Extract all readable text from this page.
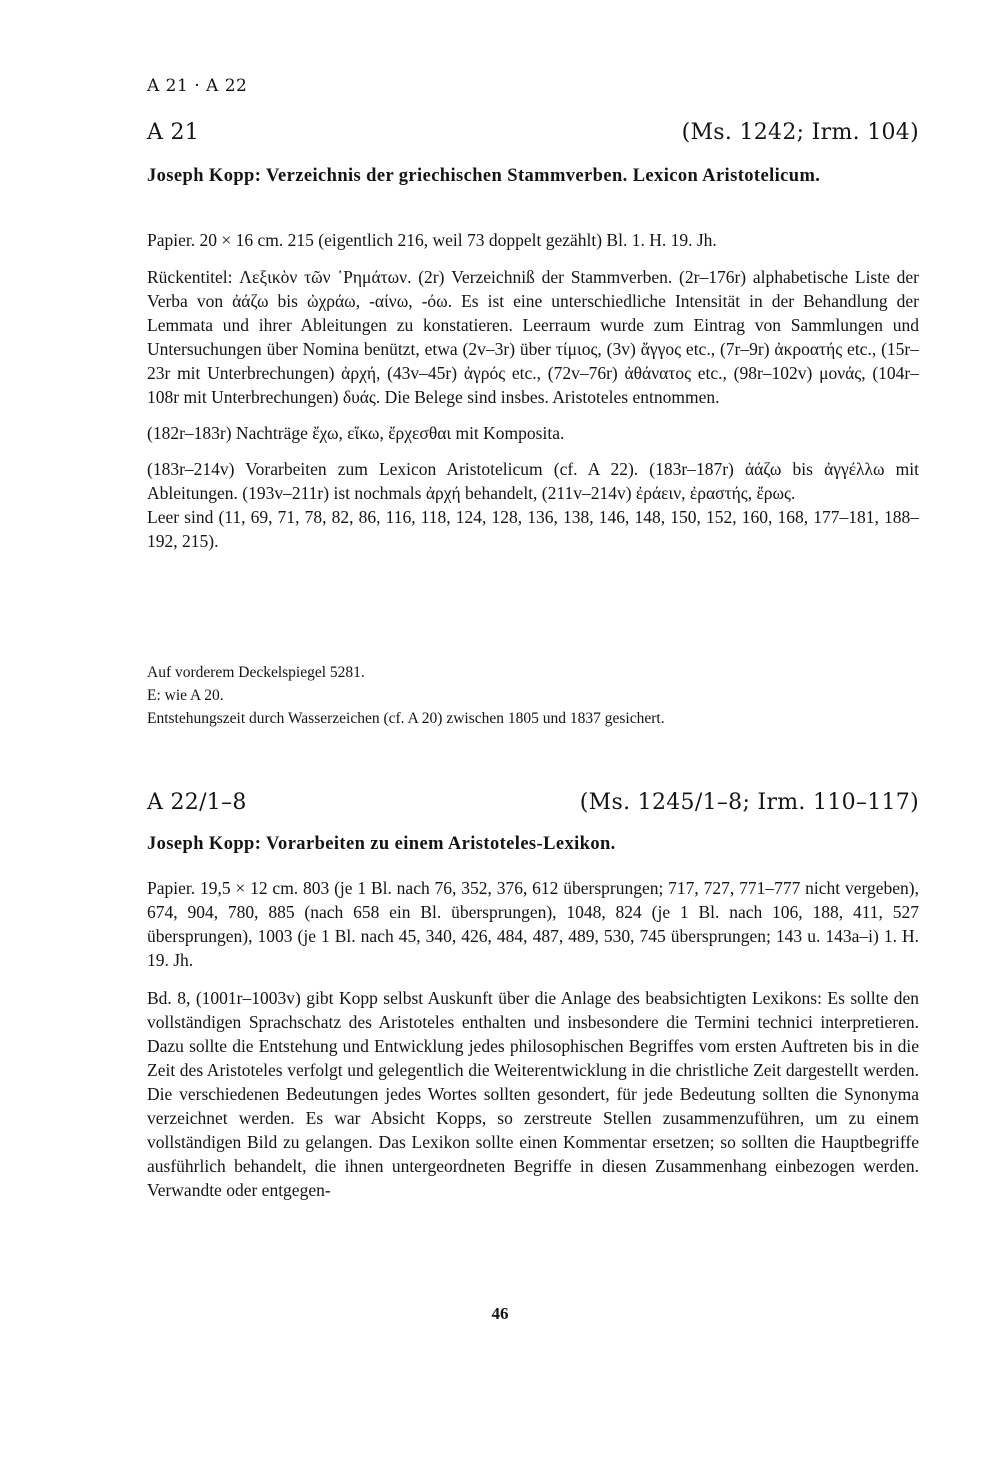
A 21 · A 22
A 21	(Ms. 1242; Irm. 104)
Joseph Kopp: Verzeichnis der griechischen Stammverben. Lexicon Aristotelicum.

Papier. 20 × 16 cm. 215 (eigentlich 216, weil 73 doppelt gezählt) Bl. 1. H. 19. Jh.

Rückentitel: Λεξικὸν τῶν ῾Ρημάτων. (2r) Verzeichniß der Stammverben. (2r–176r) alphabetische Liste der Verba von ἀάζω bis ὠχράω, -αίνω, -όω. Es ist eine unterschiedliche Intensität in der Behandlung der Lemmata und ihrer Ableitungen zu konstatieren. Leerraum wurde zum Eintrag von Sammlungen und Untersuchungen über Nomina benützt, etwa (2v–3r) über τίμιος, (3v) ἄγγος etc., (7r–9r) ἀκροατής etc., (15r–23r mit Unterbrechungen) ἀρχή, (43v–45r) ἀγρός etc., (72v–76r) ἀθάνατος etc., (98r–102v) μονάς, (104r–108r mit Unterbrechungen) δυάς. Die Belege sind insbes. Aristoteles entnommen.

(182r–183r) Nachträge ἔχω, εἴκω, ἔρχεσθαι mit Komposita.

(183r–214v) Vorarbeiten zum Lexicon Aristotelicum (cf. A 22). (183r–187r) ἀάζω bis ἀγγέλλω mit Ableitungen. (193v–211r) ist nochmals ἀρχή behandelt, (211v–214v) ἐράειν, ἐραστής, ἔρως.

Leer sind (11, 69, 71, 78, 82, 86, 116, 118, 124, 128, 136, 138, 146, 148, 150, 152, 160, 168, 177–181, 188–192, 215).

Auf vorderem Deckelspiegel 5281.

E: wie A 20.

Entstehungszeit durch Wasserzeichen (cf. A 20) zwischen 1805 und 1837 gesichert.

A 22/1–8	(Ms. 1245/1–8; Irm. 110–117)
Joseph Kopp: Vorarbeiten zu einem Aristoteles-Lexikon.

Papier. 19,5 × 12 cm. 803 (je 1 Bl. nach 76, 352, 376, 612 übersprungen; 717, 727, 771–777 nicht vergeben), 674, 904, 780, 885 (nach 658 ein Bl. übersprungen), 1048, 824 (je 1 Bl. nach 106, 188, 411, 527 übersprungen), 1003 (je 1 Bl. nach 45, 340, 426, 484, 487, 489, 530, 745 übersprungen; 143 u. 143a–i) 1. H. 19. Jh.

Bd. 8, (1001r–1003v) gibt Kopp selbst Auskunft über die Anlage des beabsichtigten Lexikons: Es sollte den vollständigen Sprachschatz des Aristoteles enthalten und insbesondere die Termini technici interpretieren. Dazu sollte die Entstehung und Entwicklung jedes philosophischen Begriffes vom ersten Auftreten bis in die Zeit des Aristoteles verfolgt und gelegentlich die Weiterentwicklung in die christliche Zeit dargestellt werden. Die verschiedenen Bedeutungen jedes Wortes sollten gesondert, für jede Bedeutung sollten die Synonyma verzeichnet werden. Es war Absicht Kopps, so zerstreute Stellen zusammenzuführen, um zu einem vollständigen Bild zu gelangen. Das Lexikon sollte einen Kommentar ersetzen; so sollten die Hauptbegriffe ausführlich behandelt, die ihnen untergeordneten Begriffe in diesen Zusammenhang einbezogen werden. Verwandte oder entgegen-

46
